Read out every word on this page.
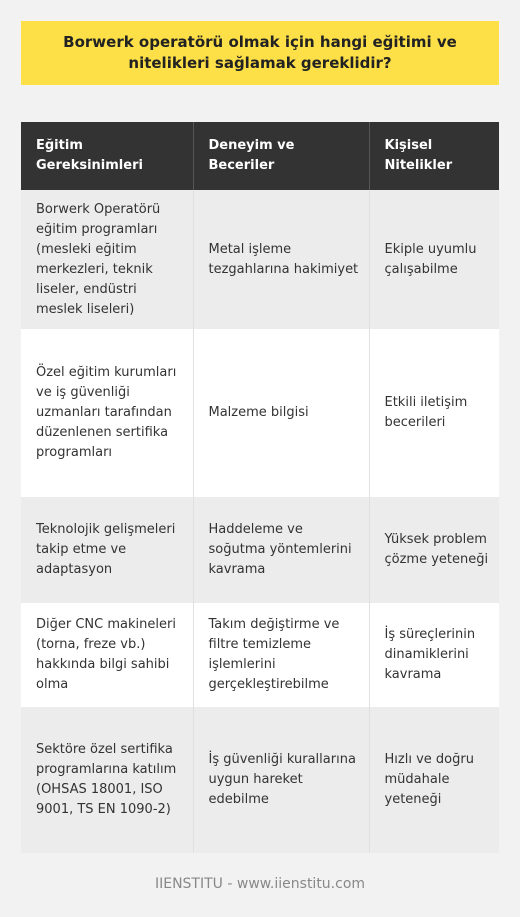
Borwerk operatörü olmak için hangi eğitimi ve nitelikleri sağlamak gereklidir?
Eğitim Gereksinimleri	Deneyim ve Beceriler	Kişisel Nitelikler
Borwerk Operatörü eğitim programları (mesleki eğitim merkezleri, teknik liseler, endüstri meslek liseleri)	Metal işleme tezgahlarına hakimiyet	Ekiple uyumlu çalışabilme
Özel eğitim kurumları ve iş güvenliği uzmanları tarafından düzenlenen sertifika programları	Malzeme bilgisi	Etkili iletişim becerileri
Teknolojik gelişmeleri takip etme ve adaptasyon	Haddeleme ve soğutma yöntemlerini kavrama	Yüksek problem çözme yeteneği
Diğer CNC makineleri (torna, freze vb.) hakkında bilgi sahibi olma	Takım değiştirme ve filtre temizleme işlemlerini gerçekleştirebilme	İş süreçlerinin dinamiklerini kavrama
Sektöre özel sertifika programlarına katılım (OHSAS 18001, ISO 9001, TS EN 1090-2)	İş güvenliği kurallarına uygun hareket edebilme	Hızlı ve doğru müdahale yeteneği
IIENSTITU - www.iienstitu.com
